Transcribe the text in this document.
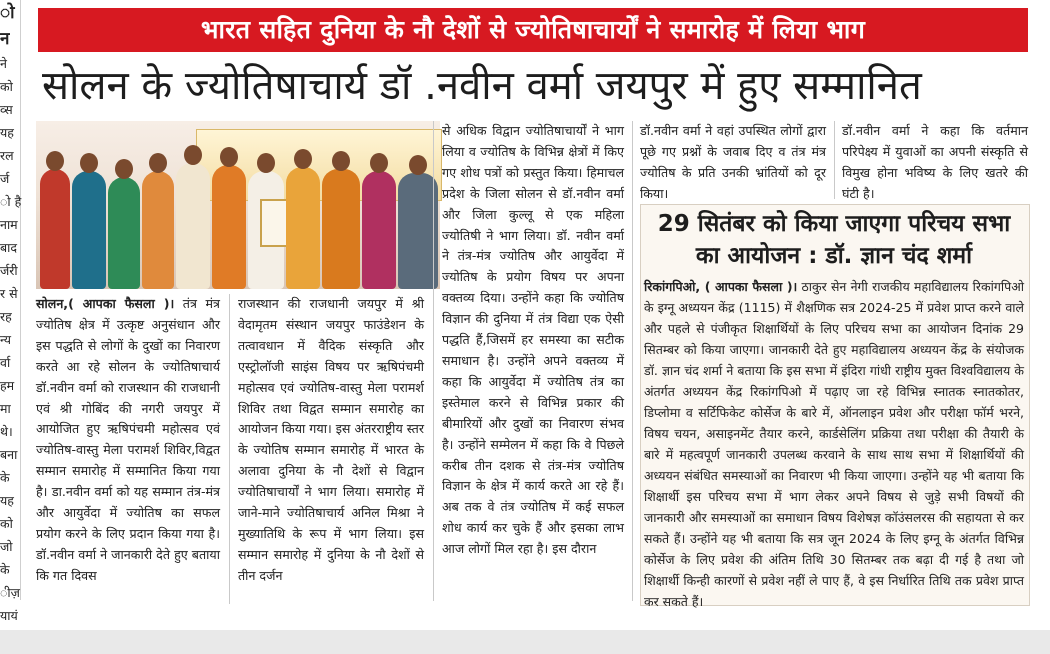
ो
न
ने
को
व्स
यह
रल
र्ज
ो है
नाम
बाद
र्जरी
र से
रह
न्य
र्वा
हम
मा
थे।
बना
के
यह
को
जो
के
ीज़
यायं
भारत सहित दुनिया के नौ देशों से ज्योतिषाचार्यों ने समारोह में लिया भाग
सोलन के ज्योतिषाचार्य डॉ .नवीन वर्मा जयपुर में हुए सम्मानित
सोलन,( आपका फैसला )। तंत्र मंत्र ज्योतिष क्षेत्र में उत्कृष्ट अनुसंधान और इस पद्धति से लोगों के दुखों का निवारण करते आ रहे सोलन के ज्योतिषाचार्य डॉ.नवीन वर्मा को राजस्थान की राजधानी एवं श्री गोबिंद की नगरी जयपुर में आयोजित हुए ऋषिपंचमी महोत्सव एवं ज्योतिष-वास्तु मेला परामर्श शिविर,विद्वत सम्मान समारोह में सम्मानित किया गया है। डा.नवीन वर्मा को यह सम्मान तंत्र-मंत्र और आयुर्वेदा में ज्योतिष का सफल प्रयोग करने के लिए प्रदान किया गया है। डॉ.नवीन वर्मा ने जानकारी देते हुए बताया कि गत दिवस
राजस्थान की राजधानी जयपुर में श्री वेदामृतम संस्थान जयपुर फाउंडेशन के तत्वावधान में वैदिक संस्कृति और एस्ट्रोलॉजी साइंस विषय पर ऋषिपंचमी महोत्सव एवं ज्योतिष-वास्तु मेला परामर्श शिविर तथा विद्वत सम्मान समारोह का आयोजन किया गया। इस अंतरराष्ट्रीय स्तर के ज्योतिष सम्मान समारोह में भारत के अलावा दुनिया के नौ देशों से विद्वान ज्योतिषाचार्यों ने भाग लिया। समारोह में जाने-माने ज्योतिषाचार्य अनिल मिश्रा ने मुख्यातिथि के रूप में भाग लिया। इस सम्मान समारोह में दुनिया के नौ देशों से तीन दर्जन
से अधिक विद्वान ज्योतिषाचार्यों ने भाग लिया व ज्योतिष के विभिन्न क्षेत्रों में किए गए शोध पत्रों को प्रस्तुत किया। हिमाचल प्रदेश के जिला सोलन से डॉ.नवीन वर्मा और जिला कुल्लू से एक महिला ज्योतिषी ने भाग लिया। डॉ. नवीन वर्मा ने तंत्र-मंत्र ज्योतिष और आयुर्वेदा में ज्योतिष के प्रयोग विषय पर अपना वक्तव्य दिया। उन्होंने कहा कि ज्योतिष विज्ञान की दुनिया में तंत्र विद्या एक ऐसी पद्धति हैं,जिसमें हर समस्या का सटीक समाधान है। उन्होंने अपने वक्तव्य में कहा कि आयुर्वेदा में ज्योतिष तंत्र का इस्तेमाल करने से विभिन्न प्रकार की बीमारियों और दुखों का निवारण संभव है। उन्होंने सम्मेलन में कहा कि वे पिछले करीब तीन दशक से तंत्र-मंत्र ज्योतिष विज्ञान के क्षेत्र में कार्य करते आ रहे हैं। अब तक वे तंत्र ज्योतिष में कई सफल शोध कार्य कर चुके हैं और इसका लाभ आज लोगों मिल रहा है। इस दौरान
डॉ.नवीन वर्मा ने वहां उपस्थित लोगों द्वारा पूछे गए प्रश्नों के जवाब दिए व तंत्र मंत्र ज्योतिष के प्रति उनकी भ्रांतियों को दूर किया।
डॉ.नवीन वर्मा ने कहा कि वर्तमान परिपेक्ष्य में युवाओं का अपनी संस्कृति से विमुख होना भविष्य के लिए खतरे की घंटी है।
29 सितंबर को किया जाएगा परिचय सभा का आयोजन : डॉ. ज्ञान चंद शर्मा
रिकांगपिओ, ( आपका फैसला )। ठाकुर सेन नेगी राजकीय महाविद्यालय रिकांगपिओ के इग्नू अध्ययन केंद्र (1115) में शैक्षणिक सत्र 2024-25 में प्रवेश प्राप्त करने वाले और पहले से पंजीकृत शिक्षार्थियों के लिए परिचय सभा का आयोजन दिनांक 29 सितम्बर को किया जाएगा। जानकारी देते हुए महाविद्यालय अध्ययन केंद्र के संयोजक डॉ. ज्ञान चंद शर्मा ने बताया कि इस सभा में इंदिरा गांधी राष्ट्रीय मुक्त विश्वविद्यालय के अंतर्गत अध्ययन केंद्र रिकांगपिओ में पढ़ाए जा रहे विभिन्न स्नातक स्नातकोतर, डिप्लोमा व सर्टिफिकेट कोर्सेज के बारे में, ऑनलाइन प्रवेश और परीक्षा फॉर्म भरने, विषय चयन, असाइनमेंट तैयार करने, कार्डसेलिंग प्रक्रिया तथा परीक्षा की तैयारी के बारे में महत्वपूर्ण जानकारी उपलब्ध करवाने के साथ साथ सभा में शिक्षार्थियों की अध्ययन संबंधित समस्याओं का निवारण भी किया जाएगा। उन्होंने यह भी बताया कि शिक्षार्थी इस परिचय सभा में भाग लेकर अपने विषय से जुड़े सभी विषयों की जानकारी और समस्याओं का समाधान विषय विशेषज्ञ कॉउंसलरस की सहायता से कर सकते हैं। उन्होंने यह भी बताया कि सत्र जून 2024 के लिए इग्नू के अंतर्गत विभिन्न कोर्सेज के लिए प्रवेश की अंतिम तिथि 30 सितम्बर तक बढ़ा दी गई है तथा जो शिक्षार्थी किन्ही कारणों से प्रवेश नहीं ले पाए हैं, वे इस निर्धारित तिथि तक प्रवेश प्राप्त कर सकते हैं।
